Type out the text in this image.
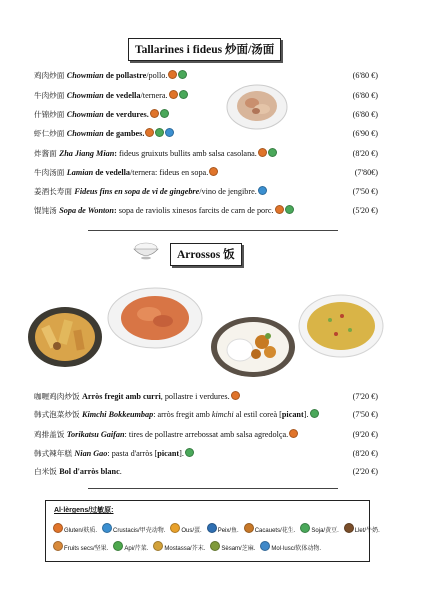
Tallarines i fideus 炒面/汤面
鸡肉炒面 Chowmian de pollastre/pollo.	(6'80 €)
牛肉炒面 Chowmian de vedella/ternera.	(6'80 €)
什锦炒面 Chowmian de verdures.	(6'80 €)
虾仁炒面 Chowmian de gambes.	(6'90 €)
炸酱面 Zha Jiang Mian: fideus gruixuts bullits amb salsa casolana.	(8'20 €)
牛肉汤面 Lamian de vedella/ternera: fideus en sopa.	(7'80€)
姜酒长寿面 Fideus fins en sopa de vi de gingebre/vino de jengibre.	(7'50 €)
馄饨汤 Sopa de Wonton: sopa de raviolis xinesos farcits de carn de porc.	(5'20 €)
Arrossos 饭
咖喱鸡肉炒饭 Arròs fregit amb curri, pollastre i verdures.	(7'20 €)
韩式泡菜炒饭 Kimchi Bokkeumbap: arròs fregit amb kimchi al estil coreà [picant].	(7'50 €)
鸡排盖饭 Torikatsu Gaifan: tires de pollastre arrebossat amb salsa agredolça.	(9'20 €)
韩式辣年糕 Nian Gao: pasta d'arròs [picant].	(8'20 €)
白米饭 Bol d'arròs blanc.	(2'20 €)
Al·lèrgens/过敏原:
Gluten/麸质.	Crustacis/甲壳动物.	Ous/蛋.	Peix/鱼.	Cacauets/花生.	Soja/黄豆.	Llet/牛奶.
Fruits secs/坚果.	Api/芹菜.	Mostassa/芥末.	Sèsam/芝麻.	Mol·lusc/软体动物.
